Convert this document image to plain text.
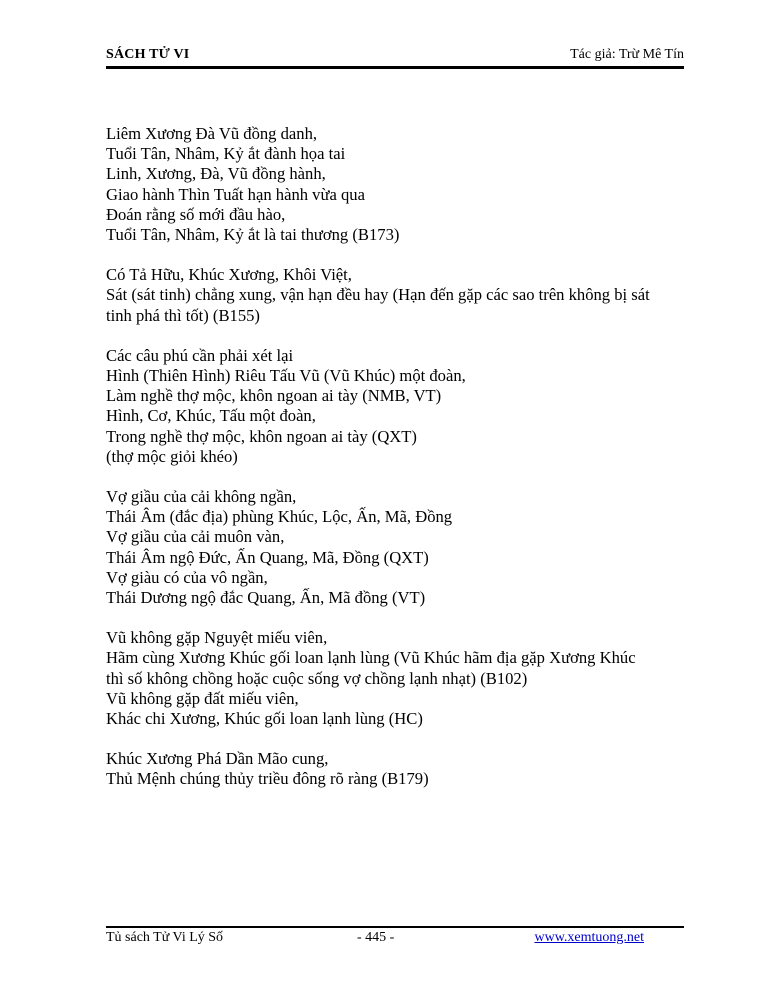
SÁCH TỬ VI	Tác giả: Trừ Mê Tín
Liêm Xương Đà Vũ đồng danh,
Tuổi Tân, Nhâm, Kỷ ắt đành họa tai
Linh, Xương, Đà, Vũ đồng hành,
Giao hành Thìn Tuất hạn hành vừa qua
Đoán rằng số mới đầu hào,
Tuổi Tân, Nhâm, Kỷ ắt là tai thương (B173)
Có Tả Hữu, Khúc Xương, Khôi Việt,
Sát (sát tinh) chẳng xung, vận hạn đều hay (Hạn đến gặp các sao trên không bị sát
tinh phá thì tốt) (B155)
Các câu phú cần phải xét lại
Hình (Thiên Hình) Riêu Tấu Vũ (Vũ Khúc) một đoàn,
Làm nghề thợ mộc, khôn ngoan ai tày (NMB, VT)
Hình, Cơ, Khúc, Tấu một đoàn,
Trong nghề thợ mộc, khôn ngoan ai tày (QXT)
(thợ mộc giỏi khéo)
Vợ giầu của cải không ngần,
Thái Âm (đắc địa) phùng Khúc, Lộc, Ấn, Mã, Đồng
Vợ giầu của cải muôn vàn,
Thái Âm ngộ Đức, Ấn Quang, Mã, Đồng (QXT)
Vợ giàu có của vô ngần,
Thái Dương ngộ đắc Quang, Ấn, Mã đồng (VT)
Vũ không gặp Nguyệt miếu viên,
Hãm cùng Xương Khúc gối loan lạnh lùng (Vũ Khúc hãm địa gặp Xương Khúc
thì số không chồng hoặc cuộc sống vợ chồng lạnh nhạt) (B102)
Vũ không gặp đất miếu viên,
Khác chi Xương, Khúc gối loan lạnh lùng (HC)
Khúc Xương Phá Dần Mão cung,
Thủ Mệnh chúng thủy triều đông rõ ràng (B179)
Tủ sách Tử Vi Lý Số	- 445 -	www.xemtuong.net
